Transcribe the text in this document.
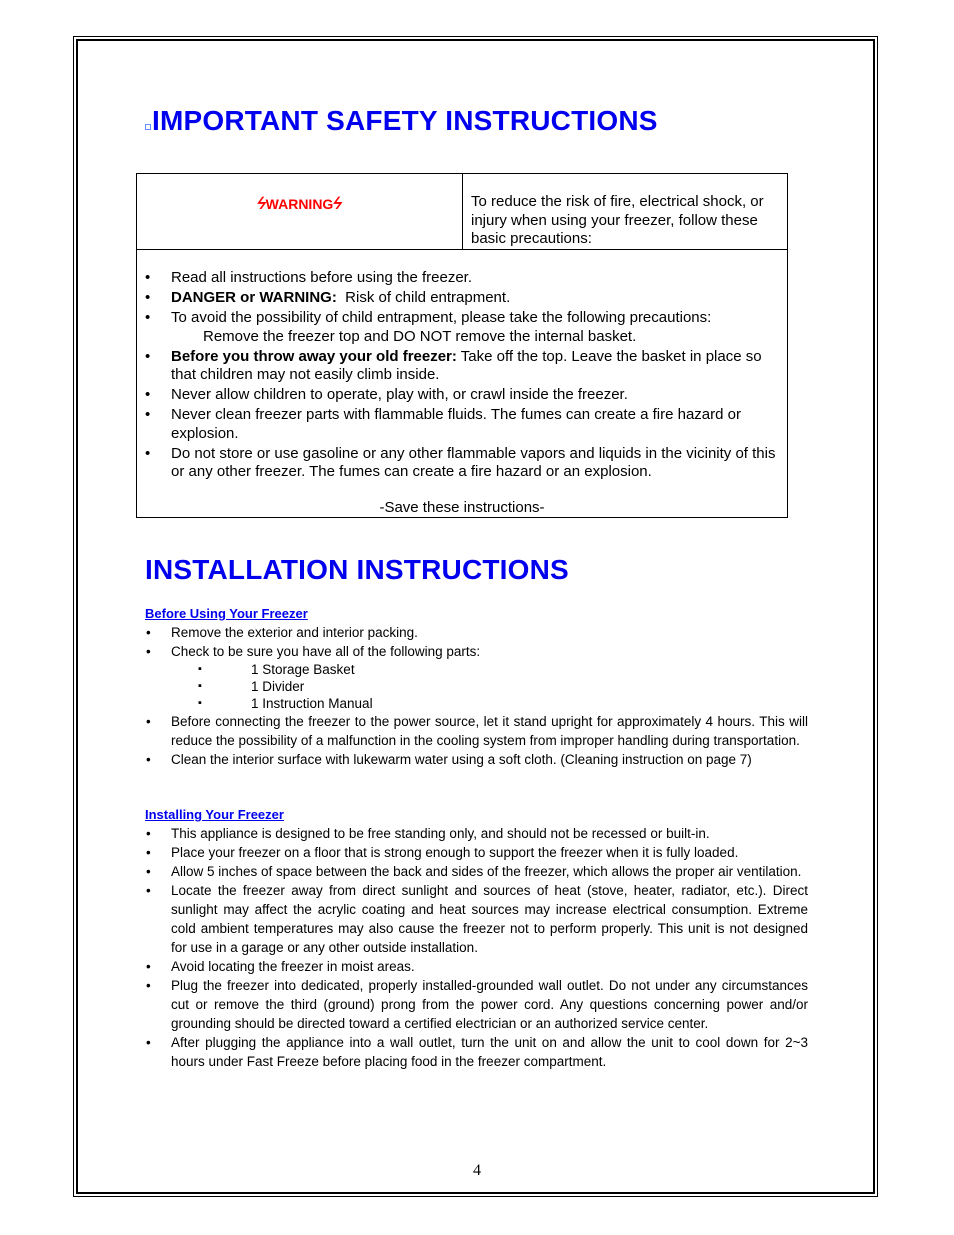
IMPORTANT SAFETY INSTRUCTIONS
ϟWARNINGϟ	To reduce the risk of fire, electrical shock, or injury when using your freezer, follow these basic precautions:
• Read all instructions before using the freezer.
• DANGER or WARNING:  Risk of child entrapment.
• To avoid the possibility of child entrapment, please take the following precautions:
Remove the freezer top and DO NOT remove the internal basket.
• Before you throw away your old freezer: Take off the top. Leave the basket in place so that children may not easily climb inside.
• Never allow children to operate, play with, or crawl inside the freezer.
• Never clean freezer parts with flammable fluids. The fumes can create a fire hazard or explosion.
• Do not store or use gasoline or any other flammable vapors and liquids in the vicinity of this or any other freezer. The fumes can create a fire hazard or an explosion.
-Save these instructions-
INSTALLATION INSTRUCTIONS
Before Using Your Freezer
• Remove the exterior and interior packing.
• Check to be sure you have all of the following parts:
▪ 1 Storage Basket
▪ 1 Divider
▪ 1 Instruction Manual
• Before connecting the freezer to the power source, let it stand upright for approximately 4 hours. This will reduce the possibility of a malfunction in the cooling system from improper handling during transportation.
• Clean the interior surface with lukewarm water using a soft cloth. (Cleaning instruction on page 7)
Installing Your Freezer
• This appliance is designed to be free standing only, and should not be recessed or built-in.
• Place your freezer on a floor that is strong enough to support the freezer when it is fully loaded.
• Allow 5 inches of space between the back and sides of the freezer, which allows the proper air ventilation.
• Locate the freezer away from direct sunlight and sources of heat (stove, heater, radiator, etc.). Direct sunlight may affect the acrylic coating and heat sources may increase electrical consumption. Extreme cold ambient temperatures may also cause the freezer not to perform properly. This unit is not designed for use in a garage or any other outside installation.
• Avoid locating the freezer in moist areas.
• Plug the freezer into dedicated, properly installed-grounded wall outlet. Do not under any circumstances cut or remove the third (ground) prong from the power cord. Any questions concerning power and/or grounding should be directed toward a certified electrician or an authorized service center.
• After plugging the appliance into a wall outlet, turn the unit on and allow the unit to cool down for 2~3 hours under Fast Freeze before placing food in the freezer compartment.
4
